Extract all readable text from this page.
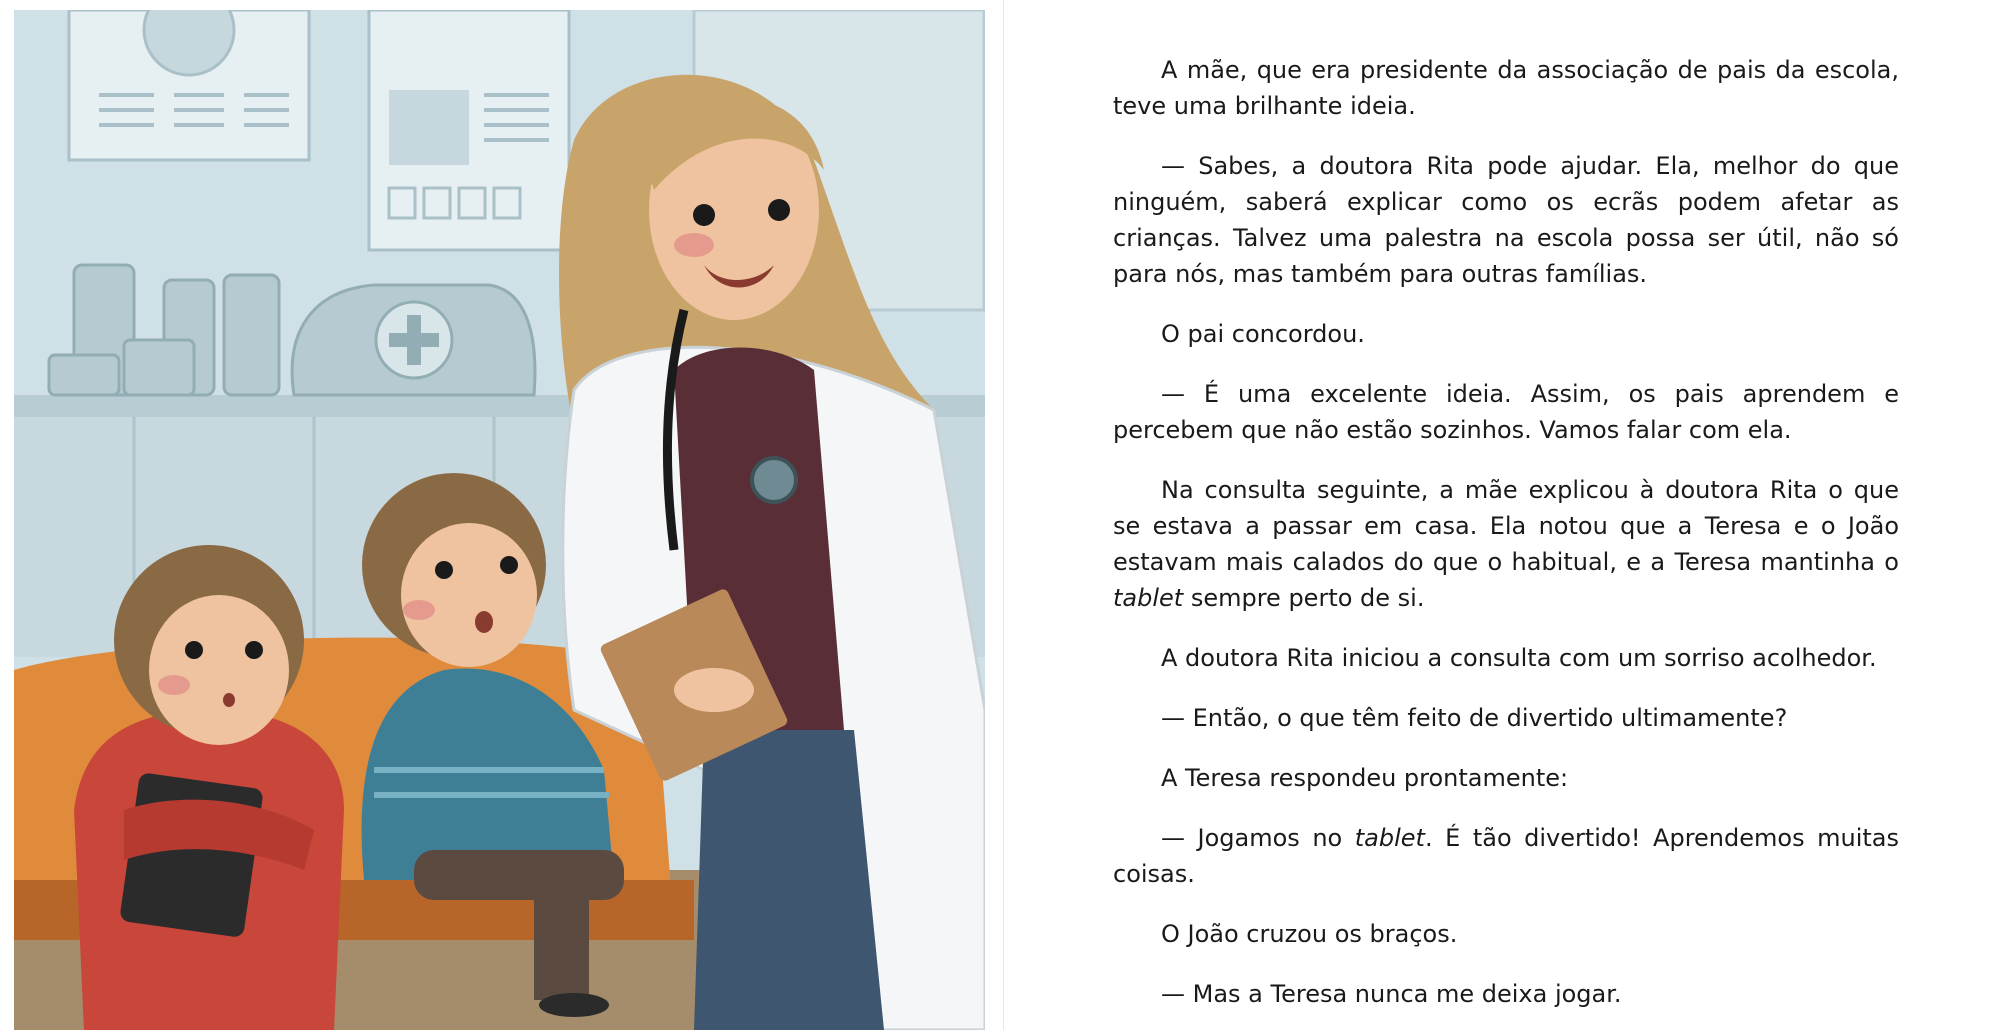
A mãe, que era presidente da associação de pais da escola, teve uma brilhante ideia.

— Sabes, a doutora Rita pode ajudar. Ela, melhor do que ninguém, saberá explicar como os ecrãs podem afetar as crianças. Talvez uma palestra na escola possa ser útil, não só para nós, mas também para outras famílias.

O pai concordou.

— É uma excelente ideia. Assim, os pais aprendem e percebem que não estão sozinhos. Vamos falar com ela.

Na consulta seguinte, a mãe explicou à doutora Rita o que se estava a passar em casa. Ela notou que a Teresa e o João estavam mais calados do que o habitual, e a Teresa mantinha o tablet sempre perto de si.

A doutora Rita iniciou a consulta com um sorriso acolhedor.

— Então, o que têm feito de divertido ultimamente?

A Teresa respondeu prontamente:

— Jogamos no tablet. É tão divertido! Aprendemos muitas coisas.

O João cruzou os braços.

— Mas a Teresa nunca me deixa jogar.
